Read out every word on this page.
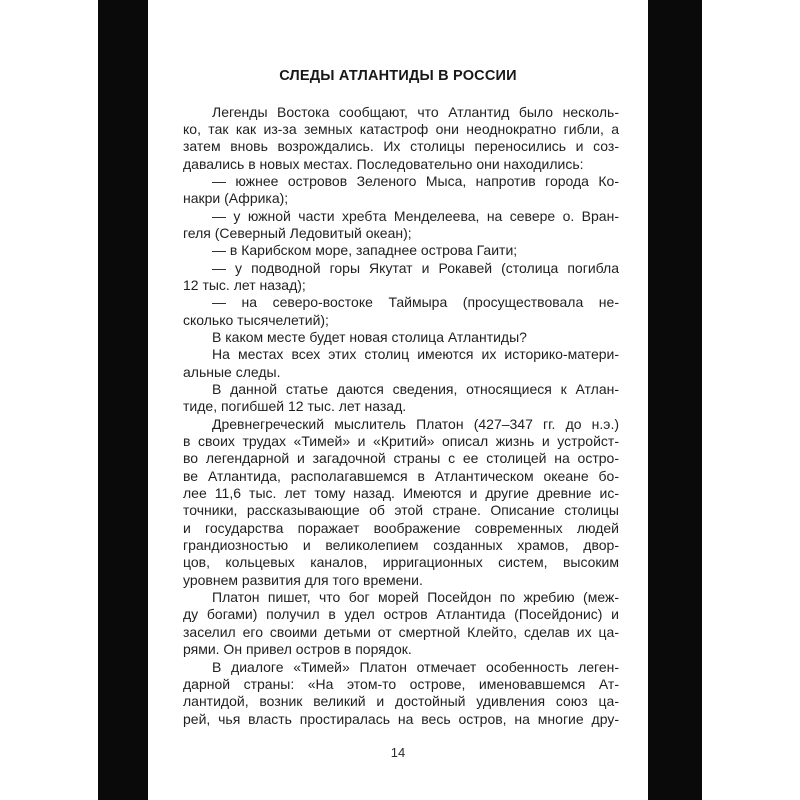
СЛЕДЫ АТЛАНТИДЫ В РОССИИ
Легенды Востока сообщают, что Атлантид было несколь-
ко, так как из-за земных катастроф они неоднократно гибли, а
затем вновь возрождались. Их столицы переносились и соз-
давались в новых местах. Последовательно они находились:
— южнее островов Зеленого Мыса, напротив города Ко-
накри (Африка);
— у южной части хребта Менделеева, на севере о. Вран-
геля (Северный Ледовитый океан);
— в Карибском море, западнее острова Гаити;
— у подводной горы Якутат и Рокавей (столица погибла
12 тыс. лет назад);
— на северо-востоке Таймыра (просуществовала не-
сколько тысячелетий);
В каком месте будет новая столица Атлантиды?
На местах всех этих столиц имеются их историко-матери-
альные следы.
В данной статье даются сведения, относящиеся к Атлан-
тиде, погибшей 12 тыс. лет назад.
Древнегреческий мыслитель Платон (427–347 гг. до н.э.)
в своих трудах «Тимей» и «Критий» описал жизнь и устройст-
во легендарной и загадочной страны с ее столицей на остро-
ве Атлантида, располагавшемся в Атлантическом океане бо-
лее 11,6 тыс. лет тому назад. Имеются и другие древние ис-
точники, рассказывающие об этой стране. Описание столицы
и государства поражает воображение современных людей
грандиозностью и великолепием созданных храмов, двор-
цов, кольцевых каналов, ирригационных систем, высоким
уровнем развития для того времени.
Платон пишет, что бог морей Посейдон по жребию (меж-
ду богами) получил в удел остров Атлантида (Посейдонис) и
заселил его своими детьми от смертной Клейто, сделав их ца-
рями. Он привел остров в порядок.
В диалоге «Тимей» Платон отмечает особенность леген-
дарной страны: «На этом-то острове, именовавшемся Ат-
лантидой, возник великий и достойный удивления союз ца-
рей, чья власть простиралась на весь остров, на многие дру-
14
